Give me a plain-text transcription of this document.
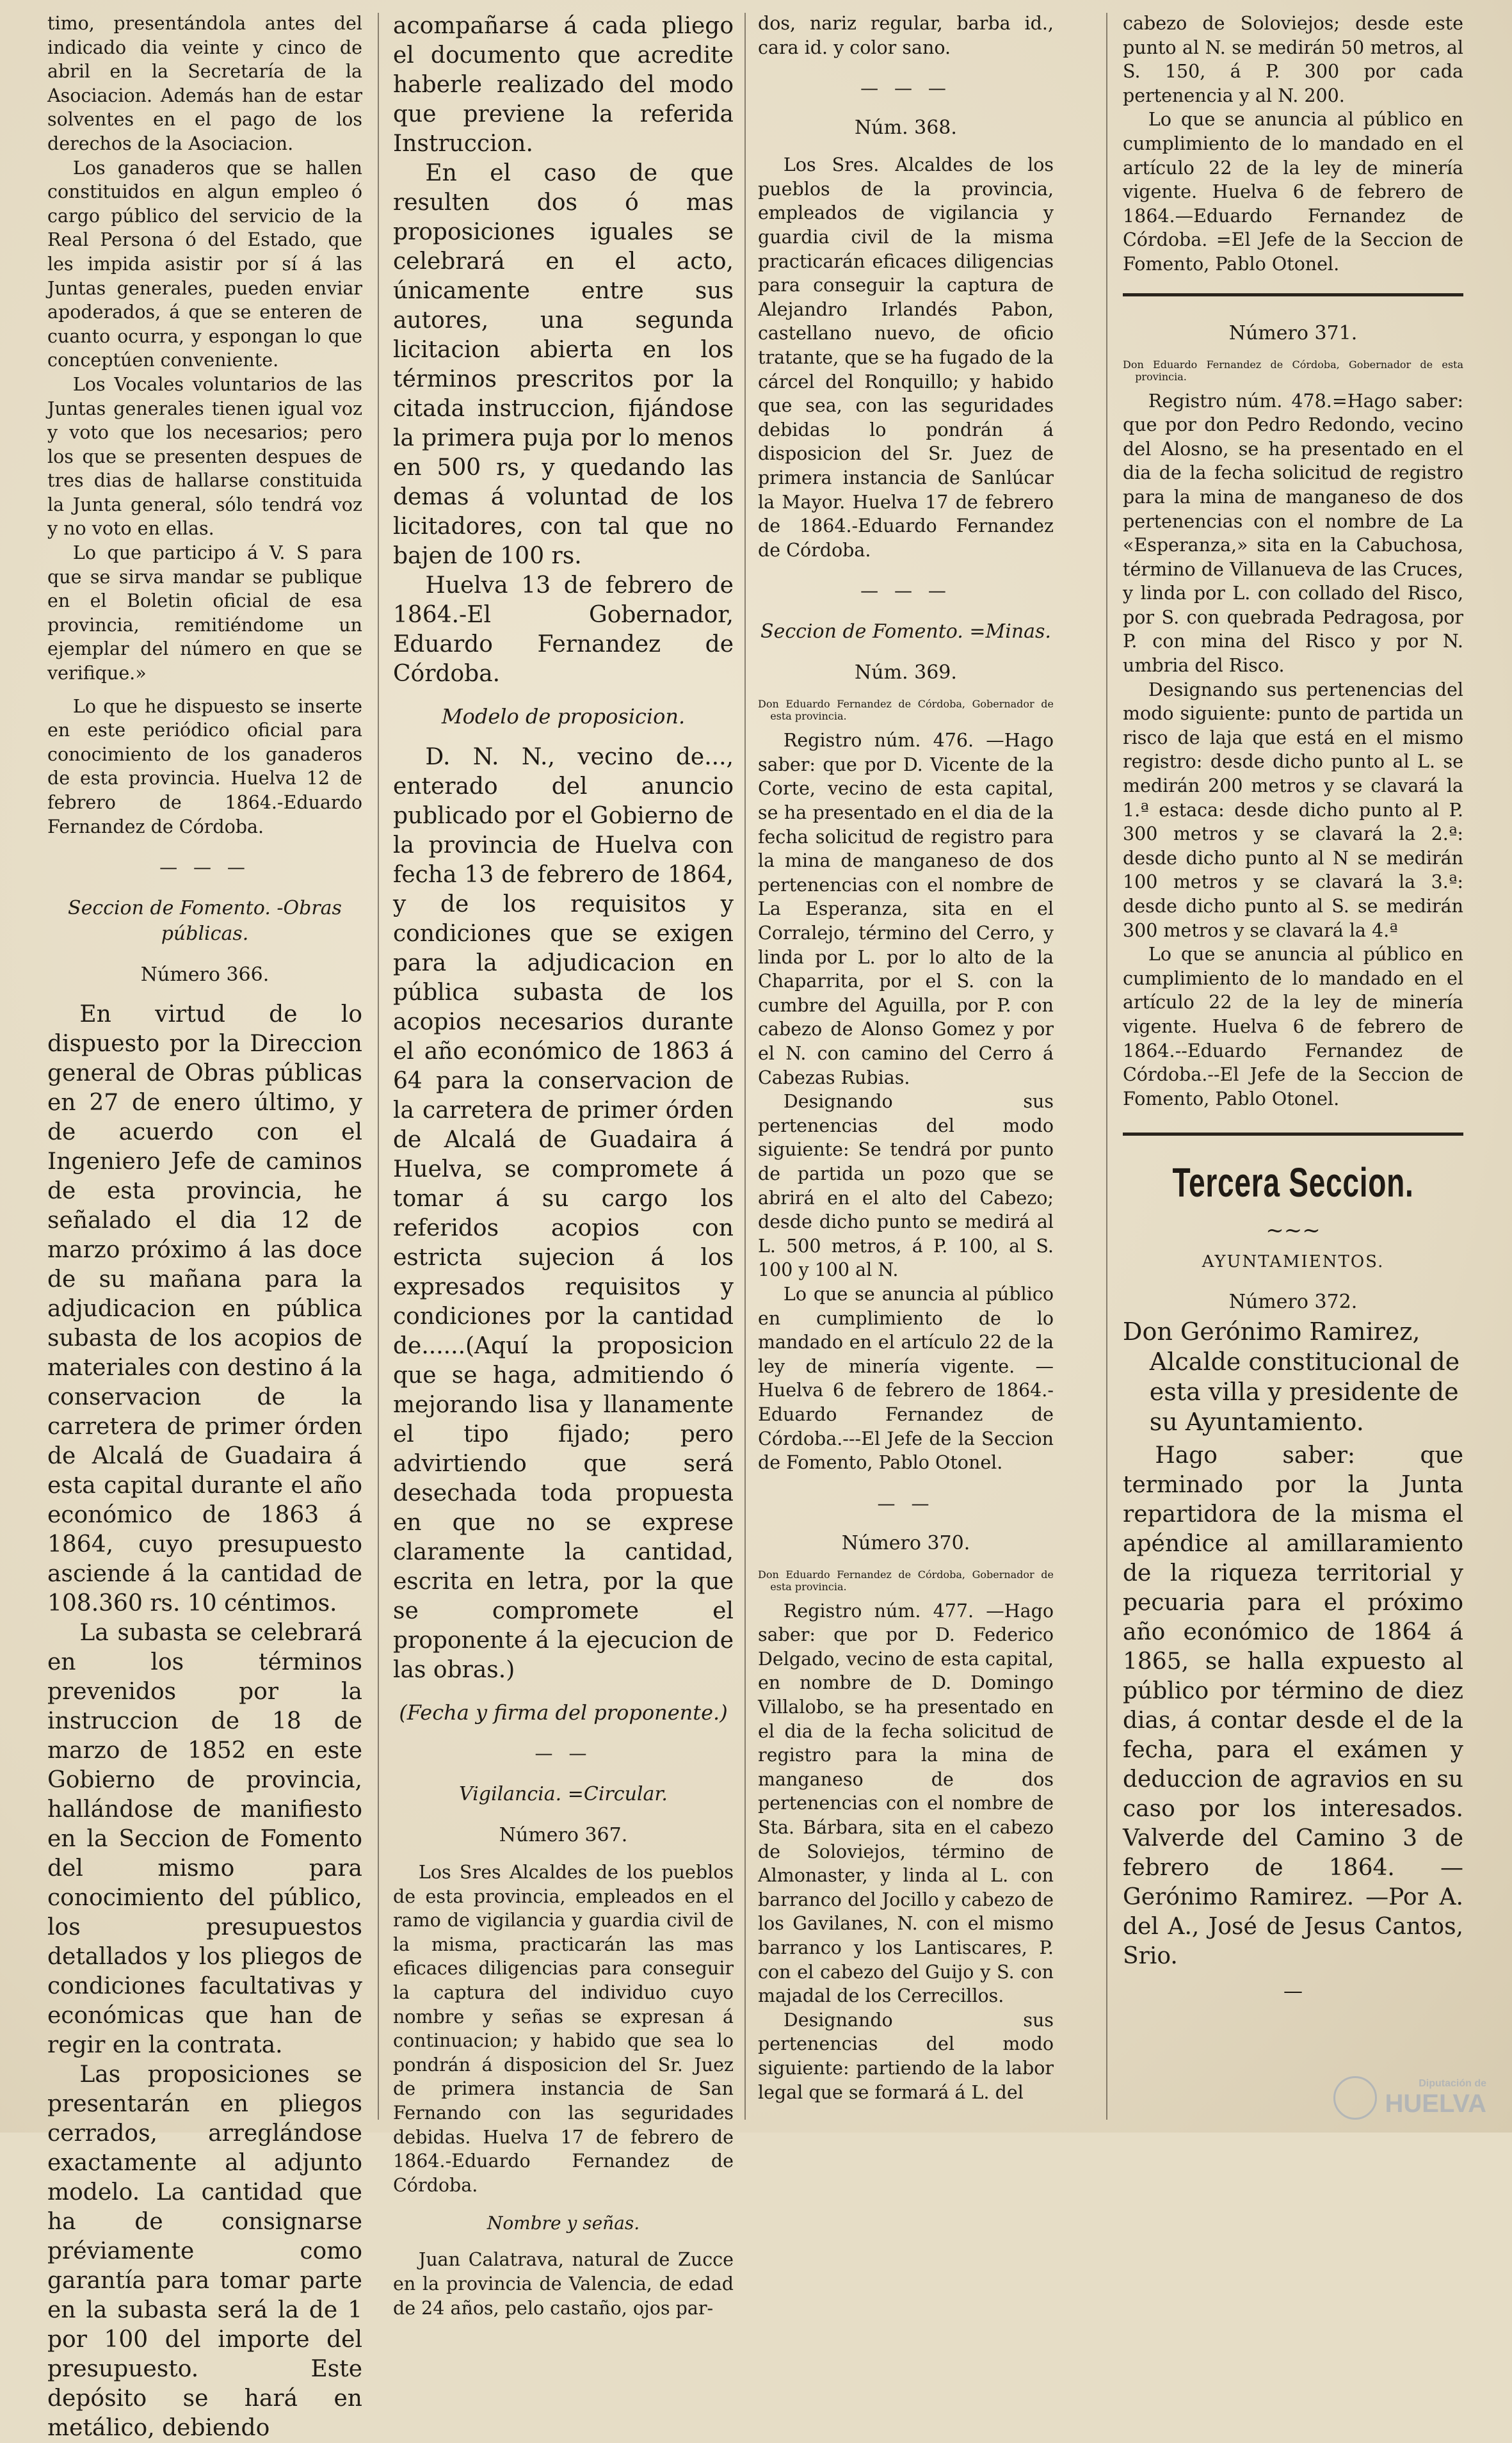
timo, presentándola antes del indicado dia veinte y cinco de abril en la Secretaría de la Asociacion. Además han de estar solventes en el pago de los derechos de la Asociacion.

Los ganaderos que se hallen constituidos en algun empleo ó cargo público del servicio de la Real Persona ó del Estado, que les impida asistir por sí á las Juntas generales, pueden enviar apoderados, á que se enteren de cuanto ocurra, y espongan lo que conceptúen conveniente.

Los Vocales voluntarios de las Juntas generales tienen igual voz y voto que los necesarios; pero los que se presenten despues de tres dias de hallarse constituida la Junta general, sólo tendrá voz y no voto en ellas.

Lo que participo á V. S para que se sirva mandar se publique en el Boletin oficial de esa provincia, remitiéndome un ejemplar del número en que se verifique.»

Lo que he dispuesto se inserte en este periódico oficial para conocimiento de los ganaderos de esta provincia. Huelva 12 de febrero de 1864.-Eduardo Fernandez de Córdoba.

— — —
Seccion de Fomento. -Obras públicas.
Número 366.

En virtud de lo dispuesto por la Direccion general de Obras públicas en 27 de enero último, y de acuerdo con el Ingeniero Jefe de caminos de esta provincia, he señalado el dia 12 de marzo próximo á las doce de su mañana para la adjudicacion en pública subasta de los acopios de materiales con destino á la conservacion de la carretera de primer órden de Alcalá de Guadaira á esta capital durante el año económico de 1863 á 1864, cuyo presupuesto asciende á la cantidad de 108.360 rs. 10 céntimos.

La subasta se celebrará en los términos prevenidos por la instruccion de 18 de marzo de 1852 en este Gobierno de provincia, hallándose de manifiesto en la Seccion de Fomento del mismo para conocimiento del público, los presupuestos detallados y los pliegos de condiciones facultativas y económicas que han de regir en la contrata.

Las proposiciones se presentarán en pliegos cerrados, arreglándose exactamente al adjunto modelo. La cantidad que ha de consignarse préviamente como garantía para tomar parte en la subasta será la de 1 por 100 del importe del presupuesto. Este depósito se hará en metálico, debiendo

acompañarse á cada pliego el documento que acredite haberle realizado del modo que previene la referida Instruccion.

En el caso de que resulten dos ó mas proposiciones iguales se celebrará en el acto, únicamente entre sus autores, una segunda licitacion abierta en los términos prescritos por la citada instruccion, fijándose la primera puja por lo menos en 500 rs, y quedando las demas á voluntad de los licitadores, con tal que no bajen de 100 rs.

Huelva 13 de febrero de 1864.-El Gobernador, Eduardo Fernandez de Córdoba.

Modelo de proposicion.

D. N. N., vecino de..., enterado del anuncio publicado por el Gobierno de la provincia de Huelva con fecha 13 de febrero de 1864, y de los requisitos y condiciones que se exigen para la adjudicacion en pública subasta de los acopios necesarios durante el año económico de 1863 á 64 para la conservacion de la carretera de primer órden de Alcalá de Guadaira á Huelva, se compromete á tomar á su cargo los referidos acopios con estricta sujecion á los expresados requisitos y condiciones por la cantidad de......(Aquí la proposicion que se haga, admitiendo ó mejorando lisa y llanamente el tipo fijado; pero advirtiendo que será desechada toda propuesta en que no se exprese claramente la cantidad, escrita en letra, por la que se compromete el proponente á la ejecucion de las obras.)

(Fecha y firma del proponente.)
— —
Vigilancia. =Circular.
Número 367.

Los Sres Alcaldes de los pueblos de esta provincia, empleados en el ramo de vigilancia y guardia civil de la misma, practicarán las mas eficaces diligencias para conseguir la captura del individuo cuyo nombre y señas se expresan á continuacion; y habido que sea lo pondrán á disposicion del Sr. Juez de primera instancia de San Fernando con las seguridades debidas. Huelva 17 de febrero de 1864.-Eduardo Fernandez de Córdoba.

Nombre y señas.

Juan Calatrava, natural de Zucce en la provincia de Valencia, de edad de 24 años, pelo castaño, ojos par-

dos, nariz regular, barba id., cara id. y color sano.
— — —
Núm. 368.

Los Sres. Alcaldes de los pueblos de la provincia, empleados de vigilancia y guardia civil de la misma practicarán eficaces diligencias para conseguir la captura de Alejandro Irlandés Pabon, castellano nuevo, de oficio tratante, que se ha fugado de la cárcel del Ronquillo; y habido que sea, con las seguridades debidas lo pondrán á disposicion del Sr. Juez de primera instancia de Sanlúcar la Mayor. Huelva 17 de febrero de 1864.-Eduardo Fernandez de Córdoba.

— — —
Seccion de Fomento. =Minas.
Núm. 369.
Don Eduardo Fernandez de Córdoba, Gobernador de esta provincia.

Registro núm. 476. —Hago saber: que por D. Vicente de la Corte, vecino de esta capital, se ha presentado en el dia de la fecha solicitud de registro para la mina de manganeso de dos pertenencias con el nombre de La Esperanza, sita en el Corralejo, término del Cerro, y linda por L. por lo alto de la Chaparrita, por el S. con la cumbre del Aguilla, por P. con cabezo de Alonso Gomez y por el N. con camino del Cerro á Cabezas Rubias.

Designando sus pertenencias del modo siguiente: Se tendrá por punto de partida un pozo que se abrirá en el alto del Cabezo; desde dicho punto se medirá al L. 500 metros, á P. 100, al S. 100 y 100 al N.

Lo que se anuncia al público en cumplimiento de lo mandado en el artículo 22 de la ley de minería vigente. —Huelva 6 de febrero de 1864.-Eduardo Fernandez de Córdoba.---El Jefe de la Seccion de Fomento, Pablo Otonel.

— —
Número 370.
Don Eduardo Fernandez de Córdoba, Gobernador de esta provincia.

Registro núm. 477. —Hago saber: que por D. Federico Delgado, vecino de esta capital, en nombre de D. Domingo Villalobo, se ha presentado en el dia de la fecha solicitud de registro para la mina de manganeso de dos pertenencias con el nombre de Sta. Bárbara, sita en el cabezo de Soloviejos, término de Almonaster, y linda al L. con barranco del Jocillo y cabezo de los Gavilanes, N. con el mismo barranco y los Lantiscares, P. con el cabezo del Guijo y S. con majadal de los Cerrecillos.

Designando sus pertenencias del modo siguiente: partiendo de la labor legal que se formará á L. del

cabezo de Soloviejos; desde este punto al N. se medirán 50 metros, al S. 150, á P. 300 por cada pertenencia y al N. 200.

Lo que se anuncia al público en cumplimiento de lo mandado en el artículo 22 de la ley de minería vigente. Huelva 6 de febrero de 1864.—Eduardo Fernandez de Córdoba. =El Jefe de la Seccion de Fomento, Pablo Otonel.

Número 371.
Don Eduardo Fernandez de Córdoba, Gobernador de esta provincia.

Registro núm. 478.=Hago saber: que por don Pedro Redondo, vecino del Alosno, se ha presentado en el dia de la fecha solicitud de registro para la mina de manganeso de dos pertenencias con el nombre de La «Esperanza,» sita en la Cabuchosa, término de Villanueva de las Cruces, y linda por L. con collado del Risco, por S. con quebrada Pedragosa, por P. con mina del Risco y por N. umbria del Risco.

Designando sus pertenencias del modo siguiente: punto de partida un risco de laja que está en el mismo registro: desde dicho punto al L. se medirán 200 metros y se clavará la 1.ª estaca: desde dicho punto al P. 300 metros y se clavará la 2.ª: desde dicho punto al N se medirán 100 metros y se clavará la 3.ª: desde dicho punto al S. se medirán 300 metros y se clavará la 4.ª

Lo que se anuncia al público en cumplimiento de lo mandado en el artículo 22 de la ley de minería vigente. Huelva 6 de febrero de 1864.--Eduardo Fernandez de Córdoba.--El Jefe de la Seccion de Fomento, Pablo Otonel.

Tercera Seccion.
~~~
AYUNTAMIENTOS.
Número 372.
Don Gerónimo Ramirez, Alcalde constitucional de esta villa y presidente de su Ayuntamiento.

Hago saber: que terminado por la Junta repartidora de la misma el apéndice al amillaramiento de la riqueza territorial y pecuaria para el próximo año económico de 1864 á 1865, se halla expuesto al público por término de diez dias, á contar desde el de la fecha, para el exámen y deduccion de agravios en su caso por los interesados. Valverde del Camino 3 de febrero de 1864. —Gerónimo Ramirez. —Por A. del A., José de Jesus Cantos, Srio.

—

Diputación de
HUELVA
